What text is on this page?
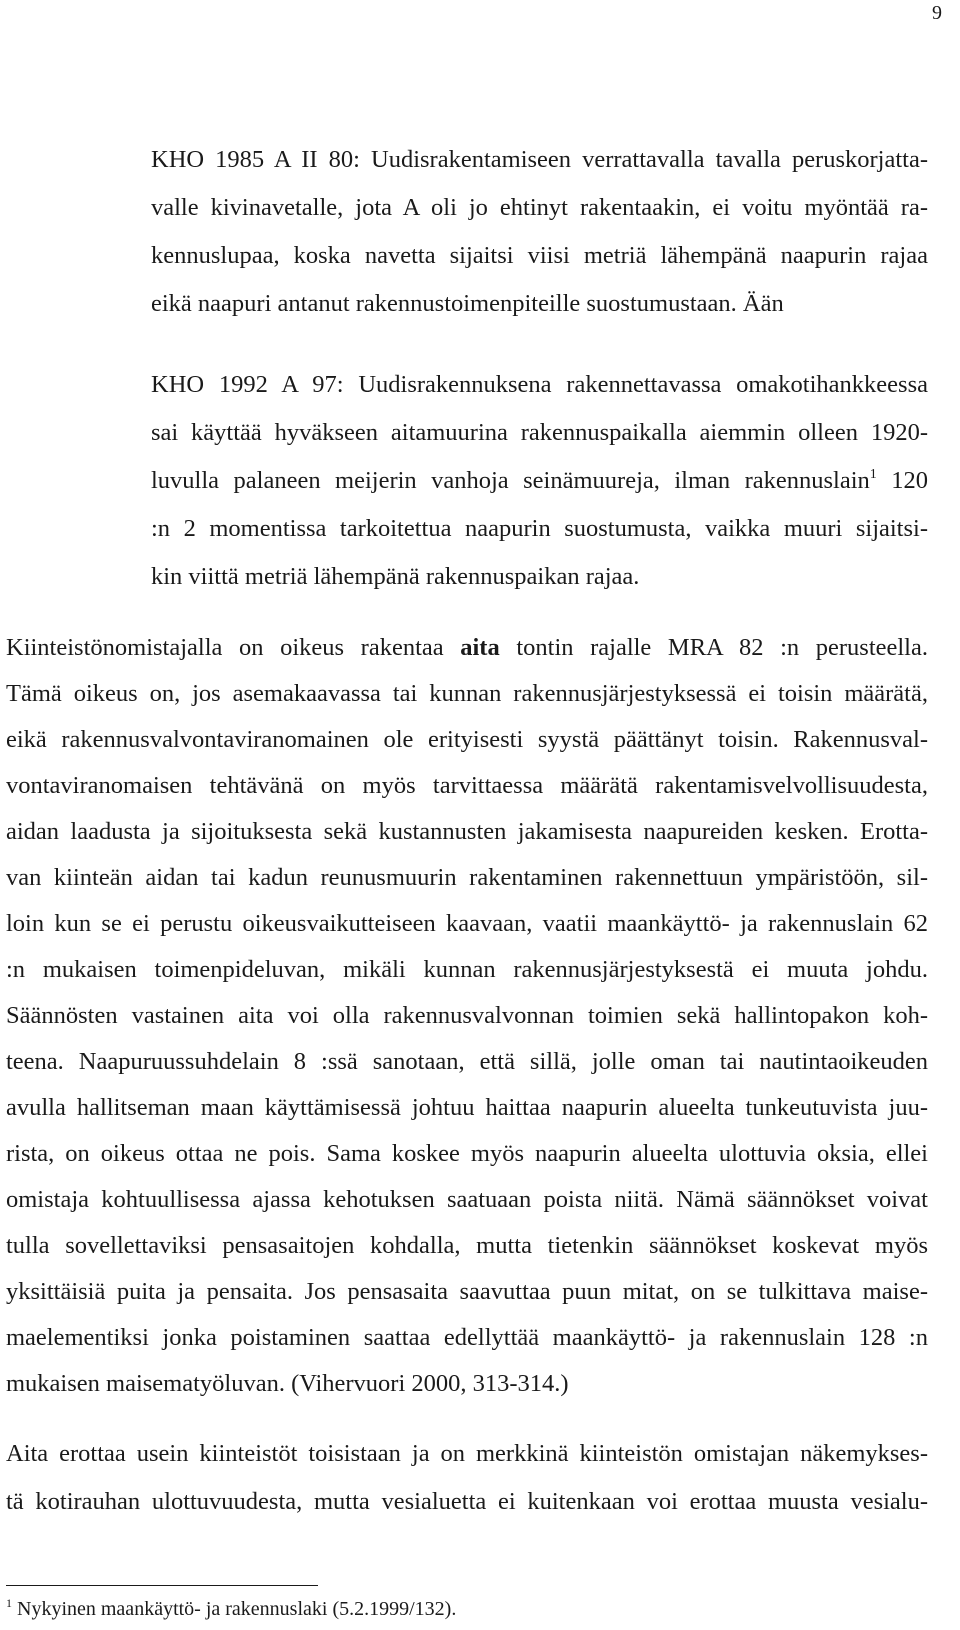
9
KHO 1985 A II 80: Uudisrakentamiseen verrattavalla tavalla peruskorjatta-
valle kivinavetalle, jota A oli jo ehtinyt rakentaakin, ei voitu myöntää ra-
kennuslupaa, koska navetta sijaitsi viisi metriä lähempänä naapurin rajaa
eikä naapuri antanut rakennustoimenpiteille suostumustaan. Ään
KHO 1992 A 97: Uudisrakennuksena rakennettavassa omakotihankkeessa
sai käyttää hyväkseen aitamuurina rakennuspaikalla aiemmin olleen 1920-
luvulla palaneen meijerin vanhoja seinämuureja, ilman rakennuslain$^1$ 120
:n 2 momentissa tarkoitettua naapurin suostumusta, vaikka muuri sijaitsi-
kin viittä metriä lähempänä rakennuspaikan rajaa.
Kiinteistönomistajalla on oikeus rakentaa aita tontin rajalle MRA 82 :n perusteella.
Tämä oikeus on, jos asemakaavassa tai kunnan rakennusjärjestyksessä ei toisin määrätä,
eikä rakennusvalvontaviranomainen ole erityisesti syystä päättänyt toisin. Rakennusval-
vontaviranomaisen tehtävänä on myös tarvittaessa määrätä rakentamisvelvollisuudesta,
aidan laadusta ja sijoituksesta sekä kustannusten jakamisesta naapureiden kesken. Erotta-
van kiinteän aidan tai kadun reunusmuurin rakentaminen rakennettuun ympäristöön, sil-
loin kun se ei perustu oikeusvaikutteiseen kaavaan, vaatii maankäyttö- ja rakennuslain 62
:n mukaisen toimenpideluvan, mikäli kunnan rakennusjärjestyksestä ei muuta johdu.
Säännösten vastainen aita voi olla rakennusvalvonnan toimien sekä hallintopakon koh-
teena. Naapuruussuhdelain 8 :ssä sanotaan, että sillä, jolle oman tai nautintaoikeuden
avulla hallitseman maan käyttämisessä johtuu haittaa naapurin alueelta tunkeutuvista juu-
rista, on oikeus ottaa ne pois. Sama koskee myös naapurin alueelta ulottuvia oksia, ellei
omistaja kohtuullisessa ajassa kehotuksen saatuaan poista niitä. Nämä säännökset voivat
tulla sovellettaviksi pensasaitojen kohdalla, mutta tietenkin säännökset koskevat myös
yksittäisiä puita ja pensaita. Jos pensasaita saavuttaa puun mitat, on se tulkittava maise-
maelementiksi jonka poistaminen saattaa edellyttää maankäyttö- ja rakennuslain 128 :n
mukaisen maisematyöluvan. (Vihervuori 2000, 313-314.)
Aita erottaa usein kiinteistöt toisistaan ja on merkkinä kiinteistön omistajan näkemykses-
tä kotirauhan ulottuvuudesta, mutta vesialuetta ei kuitenkaan voi erottaa muusta vesialu-
$^1$ Nykyinen maankäyttö- ja rakennuslaki (5.2.1999/132).
